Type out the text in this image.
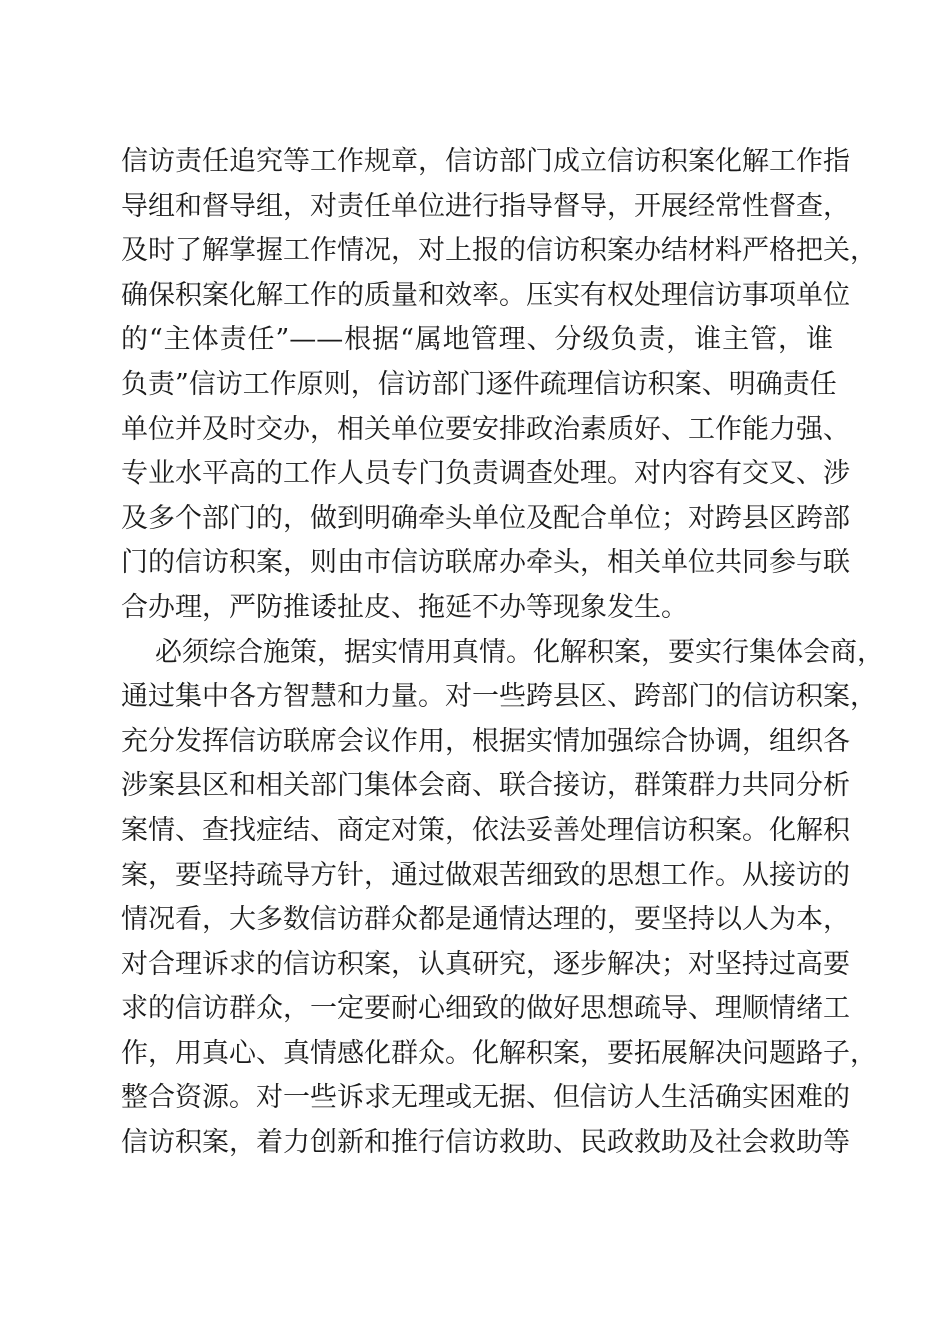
信访责任追究等工作规章，信访部门成立信访积案化解工作指
导组和督导组，对责任单位进行指导督导，开展经常性督查，
及时了解掌握工作情况，对上报的信访积案办结材料严格把关，
确保积案化解工作的质量和效率。压实有权处理信访事项单位
的“主体责任”——根据“属地管理、分级负责，谁主管，谁
负责”信访工作原则，信访部门逐件疏理信访积案、明确责任
单位并及时交办，相关单位要安排政治素质好、工作能力强、
专业水平高的工作人员专门负责调查处理。对内容有交叉、涉
及多个部门的，做到明确牵头单位及配合单位；对跨县区跨部
门的信访积案，则由市信访联席办牵头，相关单位共同参与联
合办理，严防推诿扯皮、拖延不办等现象发生。
必须综合施策，据实情用真情。化解积案，要实行集体会商，
通过集中各方智慧和力量。对一些跨县区、跨部门的信访积案，
充分发挥信访联席会议作用，根据实情加强综合协调，组织各
涉案县区和相关部门集体会商、联合接访，群策群力共同分析
案情、查找症结、商定对策，依法妥善处理信访积案。化解积
案，要坚持疏导方针，通过做艰苦细致的思想工作。从接访的
情况看，大多数信访群众都是通情达理的，要坚持以人为本，
对合理诉求的信访积案，认真研究，逐步解决；对坚持过高要
求的信访群众，一定要耐心细致的做好思想疏导、理顺情绪工
作，用真心、真情感化群众。化解积案，要拓展解决问题路子，
整合资源。对一些诉求无理或无据、但信访人生活确实困难的
信访积案，着力创新和推行信访救助、民政救助及社会救助等
